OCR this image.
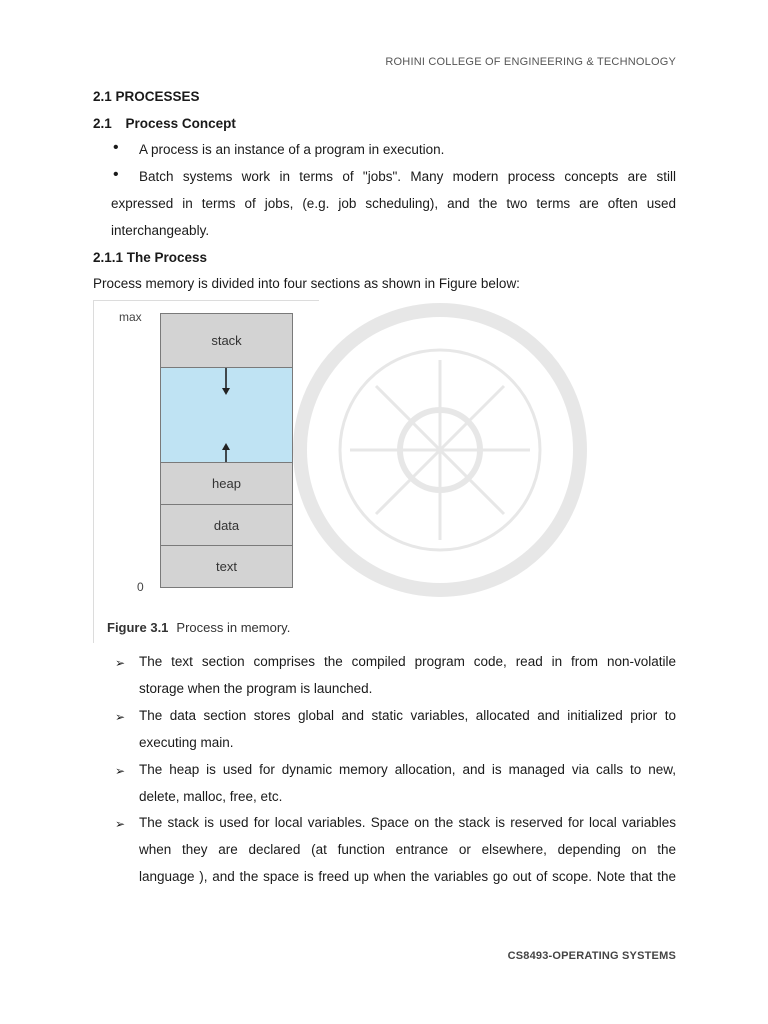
ROHINI COLLEGE OF ENGINEERING & TECHNOLOGY
2.1 PROCESSES
2.1 Process Concept
• A process is an instance of a program in execution.
• Batch systems work in terms of "jobs". Many modern process concepts are still
expressed in terms of jobs, (e.g. job scheduling), and the two terms are often used
interchangeably.
2.1.1 The Process
Process memory is divided into four sections as shown in Figure below:
max
0
stack
heap
data
text
Figure 3.1 Process in memory.
➢ The text section comprises the compiled program code, read in from non-volatile
storage when the program is launched.
➢ The data section stores global and static variables, allocated and initialized prior to
executing main.
➢ The heap is used for dynamic memory allocation, and is managed via calls to new,
delete, malloc, free, etc.
➢ The stack is used for local variables. Space on the stack is reserved for local variables
when they are declared (at function entrance or elsewhere, depending on the
language ), and the space is freed up when the variables go out of scope. Note that the
CS8493-OPERATING SYSTEMS
